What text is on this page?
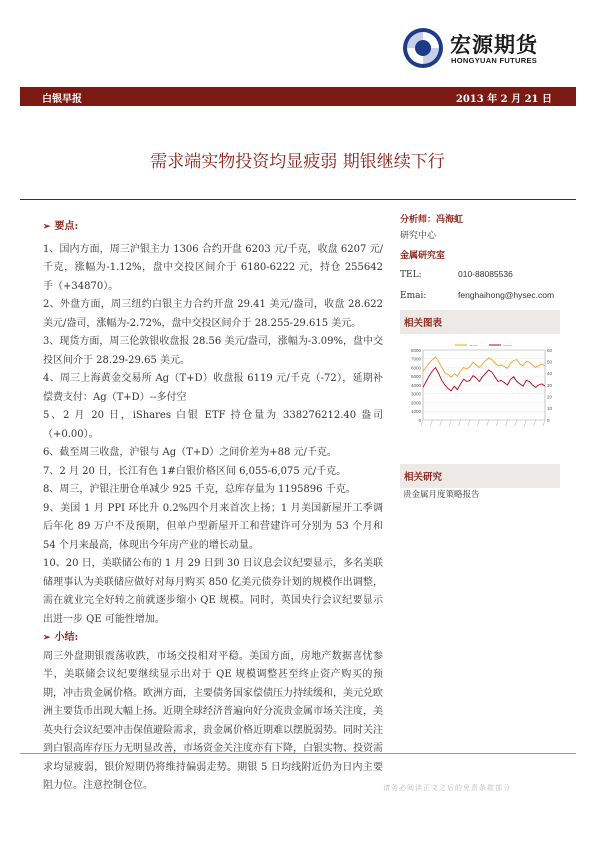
宏源期货
HONGYUAN FUTURES
白银早报	2013 年 2 月 21 日
需求端实物投资均显疲弱 期银继续下行
➢ 要点:
1、国内方面，周三沪银主力 1306 合约开盘 6203 元/千克，收盘 6207 元/千克，涨幅为-1.12%，盘中交投区间介于 6180-6222 元，持仓 255642 手（+34870）。
2、外盘方面，周三纽约白银主力合约开盘 29.41 美元/盎司，收盘 28.622 美元/盎司，涨幅为-2.72%，盘中交投区间介于 28.255-29.615 美元。
3、现货方面，周三伦敦银收盘报 28.56 美元/盎司，涨幅为-3.09%，盘中交投区间介于 28.29-29.65 美元。
4、周三上海黄金交易所 Ag（T+D）收盘报 6119 元/千克（-72），延期补偿费支付：Ag（T+D）--多付空
5、2 月 20 日，iShares 白银 ETF 持仓量为 338276212.40 盎司（+0.00）。
6、截至周三收盘，沪银与 Ag（T+D）之间价差为+88 元/千克。
7、2 月 20 日，长江有色 1#白银价格区间 6,055-6,075 元/千克。
8、周三，沪银注册仓单减少 925 千克，总库存量为 1195896 千克。
9、美国 1 月 PPI 环比升 0.2%四个月来首次上扬；1 月美国新屋开工季调后年化 89 万户不及预期，但单户型新屋开工和营建许可分别为 53 个月和 54 个月来最高，体现出今年房产业的增长动量。
10、20 日，美联储公布的 1 月 29 日到 30 日议息会议纪要显示，多名美联储理事认为美联储应做好对每月购买 850 亿美元债券计划的规模作出调整，需在就业完全好转之前就逐步缩小 QE 规模。同时，英国央行会议纪要显示出进一步 QE 可能性增加。
➢ 小结:
周三外盘期银震荡收跌，市场交投相对平稳。美国方面，房地产数据喜忧参半，美联储会议纪要继续显示出对于 QE 规模调整甚至终止资产购买的预期，冲击贵金属价格。欧洲方面，主要债务国家偿债压力持续缓和，美元兑欧洲主要货币出现大幅上扬。近期全球经济普遍向好分流贵金属市场关注度，美英央行会议纪要冲击保值避险需求，贵金属价格近期难以摆脱弱势。同时关注到白银高库存压力无明显改善，市场资金关注度亦有下降，白银实物、投资需求均显疲弱，银价短期仍将维持偏弱走势。期银 5 日均线附近仍为日内主要阻力位。注意控制仓位。
分析师：冯海虹
研究中心
金属研究室
TEL:	010-88085536
Emai:	fenghaihong@hysec.com
相关图表
8000
7000
6000
5000
4000
3000
2000
1000
0
60
50
40
30
20
10
0
——	——
相关研究
贵金属月度策略报告
请务必阅读正文之后的免责条款部分
